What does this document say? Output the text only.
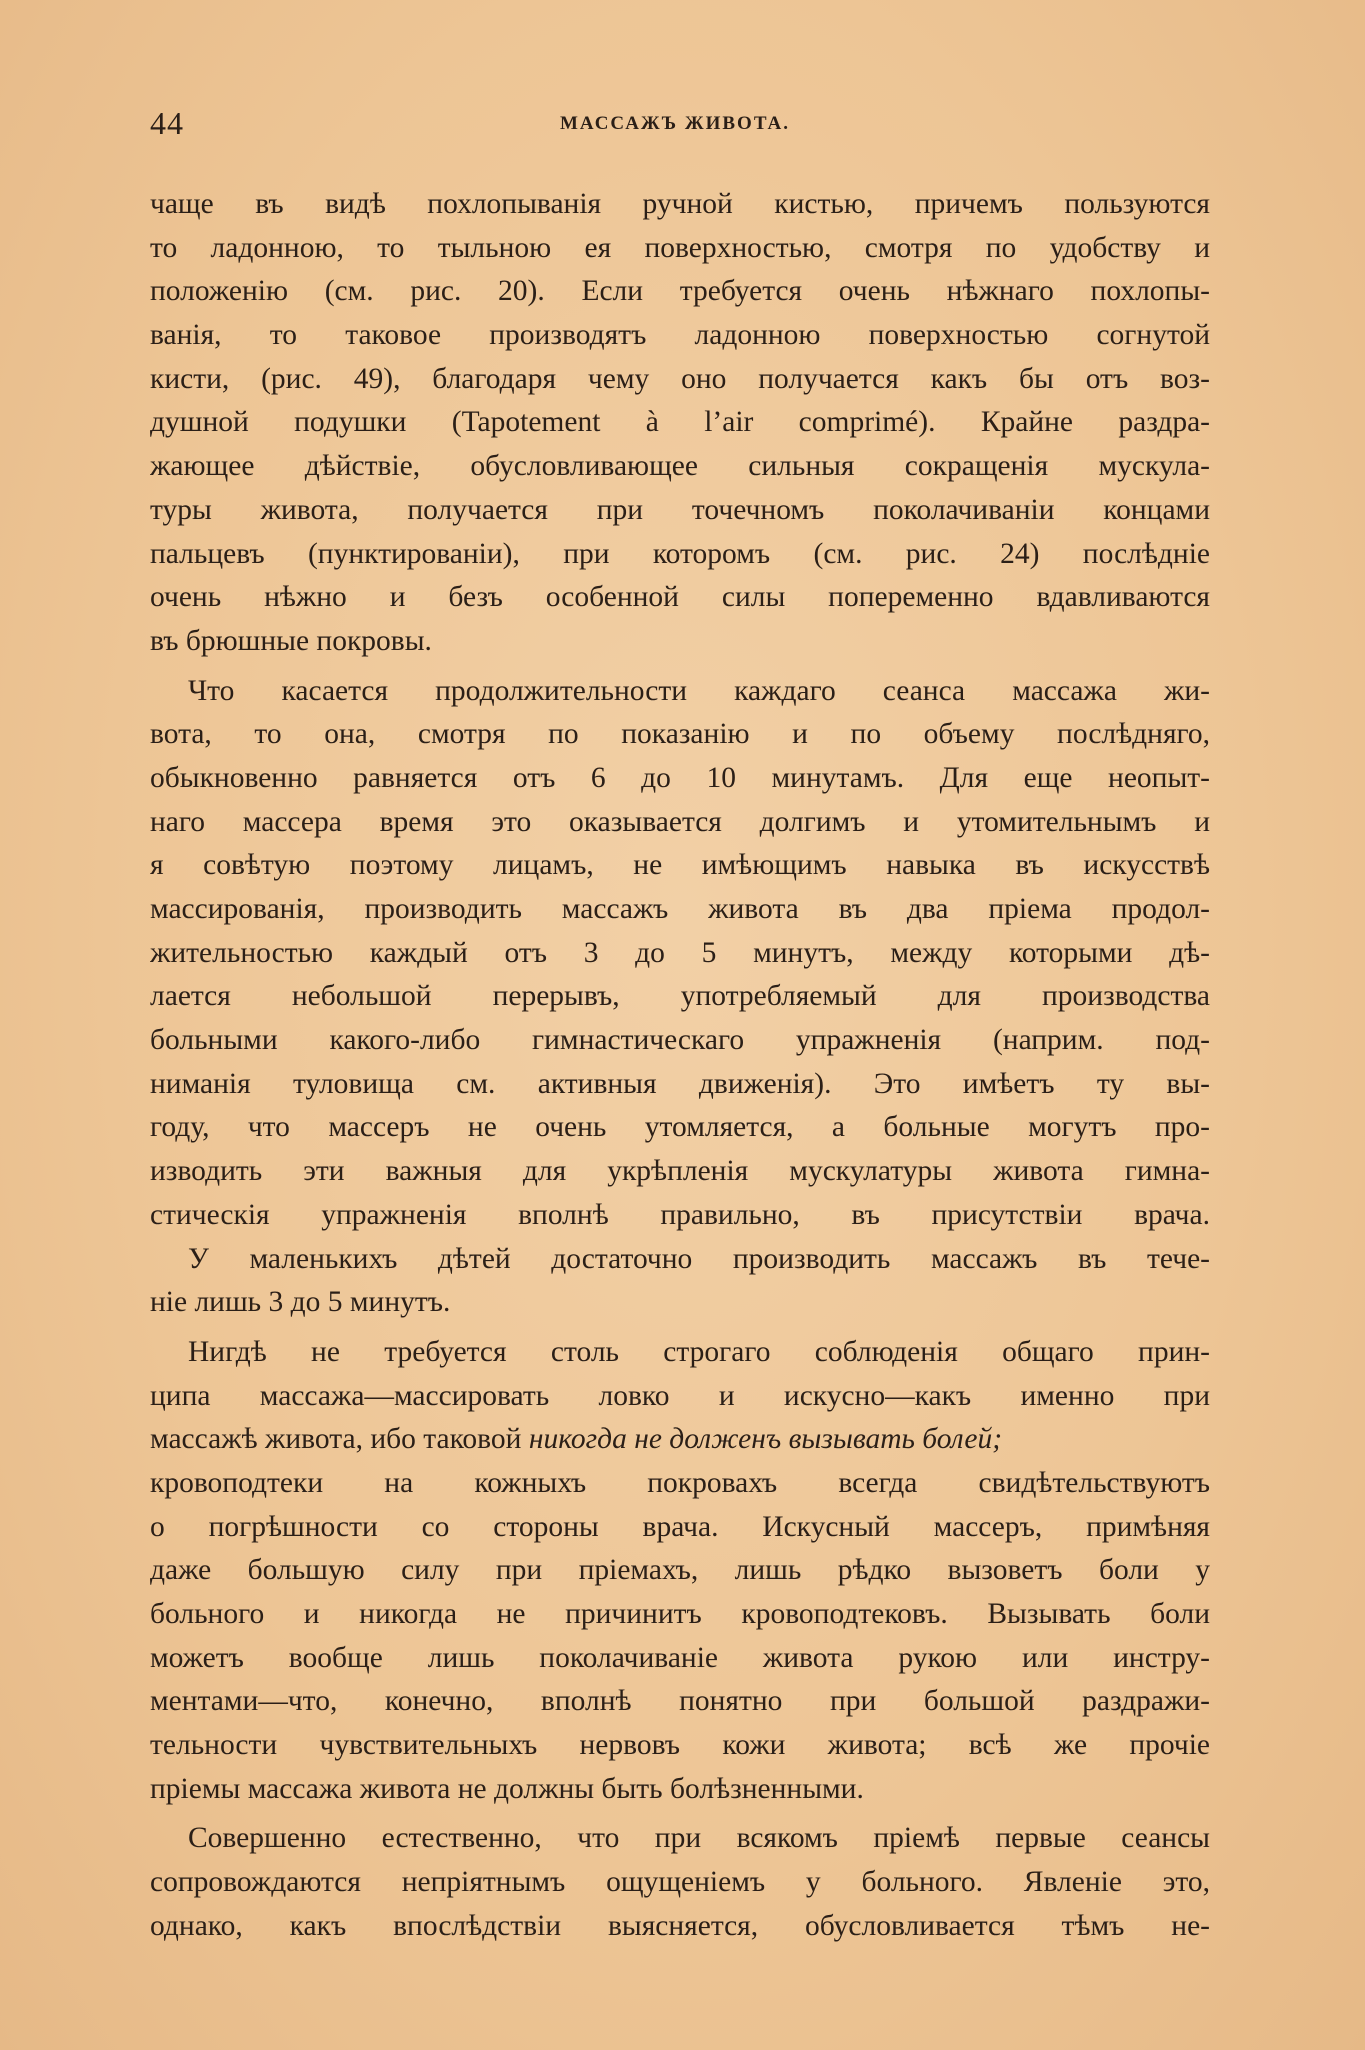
44	МАССАЖЪ ЖИВОТА.
чаще въ видѣ похлопыванія ручной кистью, причемъ пользуются
то ладонною, то тыльною ея поверхностью, смотря по удобству и
положенію (см. рис. 20). Если требуется очень нѣжнаго похлопы-
ванія, то таковое производятъ ладонною поверхностью согнутой
кисти, (рис. 49), благодаря чему оно получается какъ бы отъ воз-
душной подушки (Tapotement à l’air comprimé). Крайне раздра-
жающее дѣйствіе, обусловливающее сильныя сокращенія мускула-
туры живота, получается при точечномъ поколачиваніи концами
пальцевъ (пунктированіи), при которомъ (см. рис. 24) послѣдніе
очень нѣжно и безъ особенной силы попеременно вдавливаются
въ брюшные покровы.
Что касается продолжительности каждаго сеанса массажа жи-
вота, то она, смотря по показанію и по объему послѣдняго,
обыкновенно равняется отъ 6 до 10 минутамъ. Для еще неопыт-
наго массера время это оказывается долгимъ и утомительнымъ и
я совѣтую поэтому лицамъ, не имѣющимъ навыка въ искусствѣ
массированія, производить массажъ живота въ два пріема продол-
жительностью каждый отъ 3 до 5 минутъ, между которыми дѣ-
лается небольшой перерывъ, употребляемый для производства
больными какого-либо гимнастическаго упражненія (наприм. под-
ниманія туловища см. активныя движенія). Это имѣетъ ту вы-
году, что массеръ не очень утомляется, а больные могутъ про-
изводить эти важныя для укрѣпленія мускулатуры живота гимна-
стическія упражненія вполнѣ правильно, въ присутствіи врача.
У маленькихъ дѣтей достаточно производить массажъ въ тече-
ніе лишь 3 до 5 минутъ.
Нигдѣ не требуется столь строгаго соблюденія общаго прин-
ципа массажа—массировать ловко и искусно—какъ именно при
массажѣ живота, ибо таковой никогда не долженъ вызывать болей;
кровоподтеки на кожныхъ покровахъ всегда свидѣтельствуютъ
о погрѣшности со стороны врача. Искусный массеръ, примѣняя
даже большую силу при пріемахъ, лишь рѣдко вызоветъ боли у
больного и никогда не причинитъ кровоподтековъ. Вызывать боли
можетъ вообще лишь поколачиваніе живота рукою или инстру-
ментами—что, конечно, вполнѣ понятно при большой раздражи-
тельности чувствительныхъ нервовъ кожи живота; всѣ же прочіе
пріемы массажа живота не должны быть болѣзненными.
Совершенно естественно, что при всякомъ пріемѣ первые сеансы
сопровождаются непріятнымъ ощущеніемъ у больного. Явленіе это,
однако, какъ впослѣдствіи выясняется, обусловливается тѣмъ не-
